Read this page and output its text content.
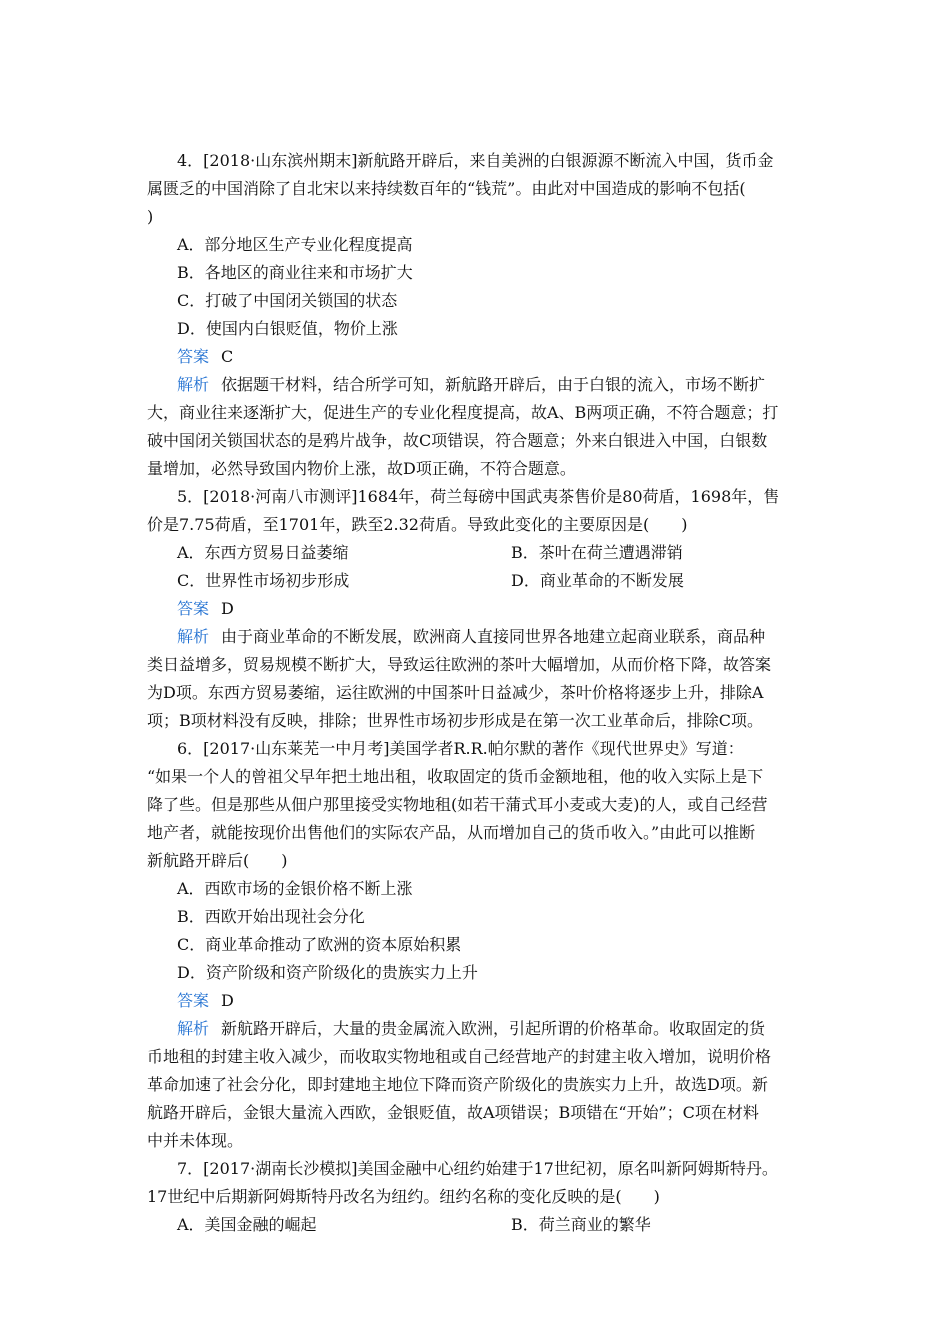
4．[2018·山东滨州期末]新航路开辟后，来自美洲的白银源源不断流入中国，货币金
属匮乏的中国消除了自北宋以来持续数百年的“钱荒”。由此对中国造成的影响不包括(
)
A．部分地区生产专业化程度提高
B．各地区的商业往来和市场扩大
C．打破了中国闭关锁国的状态
D．使国内白银贬值，物价上涨
答案 C
解析 依据题干材料，结合所学可知，新航路开辟后，由于白银的流入，市场不断扩
大，商业往来逐渐扩大，促进生产的专业化程度提高，故A、B两项正确，不符合题意；打
破中国闭关锁国状态的是鸦片战争，故C项错误，符合题意；外来白银进入中国，白银数
量增加，必然导致国内物价上涨，故D项正确，不符合题意。
5．[2018·河南八市测评]1684年，荷兰每磅中国武夷茶售价是80荷盾，1698年，售
价是7.75荷盾，至1701年，跌至2.32荷盾。导致此变化的主要原因是(　　)
A．东西方贸易日益萎缩	B．茶叶在荷兰遭遇滞销
C．世界性市场初步形成	D．商业革命的不断发展
答案 D
解析 由于商业革命的不断发展，欧洲商人直接同世界各地建立起商业联系，商品种
类日益增多，贸易规模不断扩大，导致运往欧洲的茶叶大幅增加，从而价格下降，故答案
为D项。东西方贸易萎缩，运往欧洲的中国茶叶日益减少，茶叶价格将逐步上升，排除A
项；B项材料没有反映，排除；世界性市场初步形成是在第一次工业革命后，排除C项。
6．[2017·山东莱芜一中月考]美国学者R.R.帕尔默的著作《现代世界史》写道：
“如果一个人的曾祖父早年把土地出租，收取固定的货币金额地租，他的收入实际上是下
降了些。但是那些从佃户那里接受实物地租(如若干蒲式耳小麦或大麦)的人，或自己经营
地产者，就能按现价出售他们的实际农产品，从而增加自己的货币收入。”由此可以推断
新航路开辟后(　　)
A．西欧市场的金银价格不断上涨
B．西欧开始出现社会分化
C．商业革命推动了欧洲的资本原始积累
D．资产阶级和资产阶级化的贵族实力上升
答案 D
解析 新航路开辟后，大量的贵金属流入欧洲，引起所谓的价格革命。收取固定的货
币地租的封建主收入减少，而收取实物地租或自己经营地产的封建主收入增加，说明价格
革命加速了社会分化，即封建地主地位下降而资产阶级化的贵族实力上升，故选D项。新
航路开辟后，金银大量流入西欧，金银贬值，故A项错误；B项错在“开始”；C项在材料
中并未体现。
7．[2017·湖南长沙模拟]美国金融中心纽约始建于17世纪初，原名叫新阿姆斯特丹。
17世纪中后期新阿姆斯特丹改名为纽约。纽约名称的变化反映的是(　　)
A．美国金融的崛起	B．荷兰商业的繁华
